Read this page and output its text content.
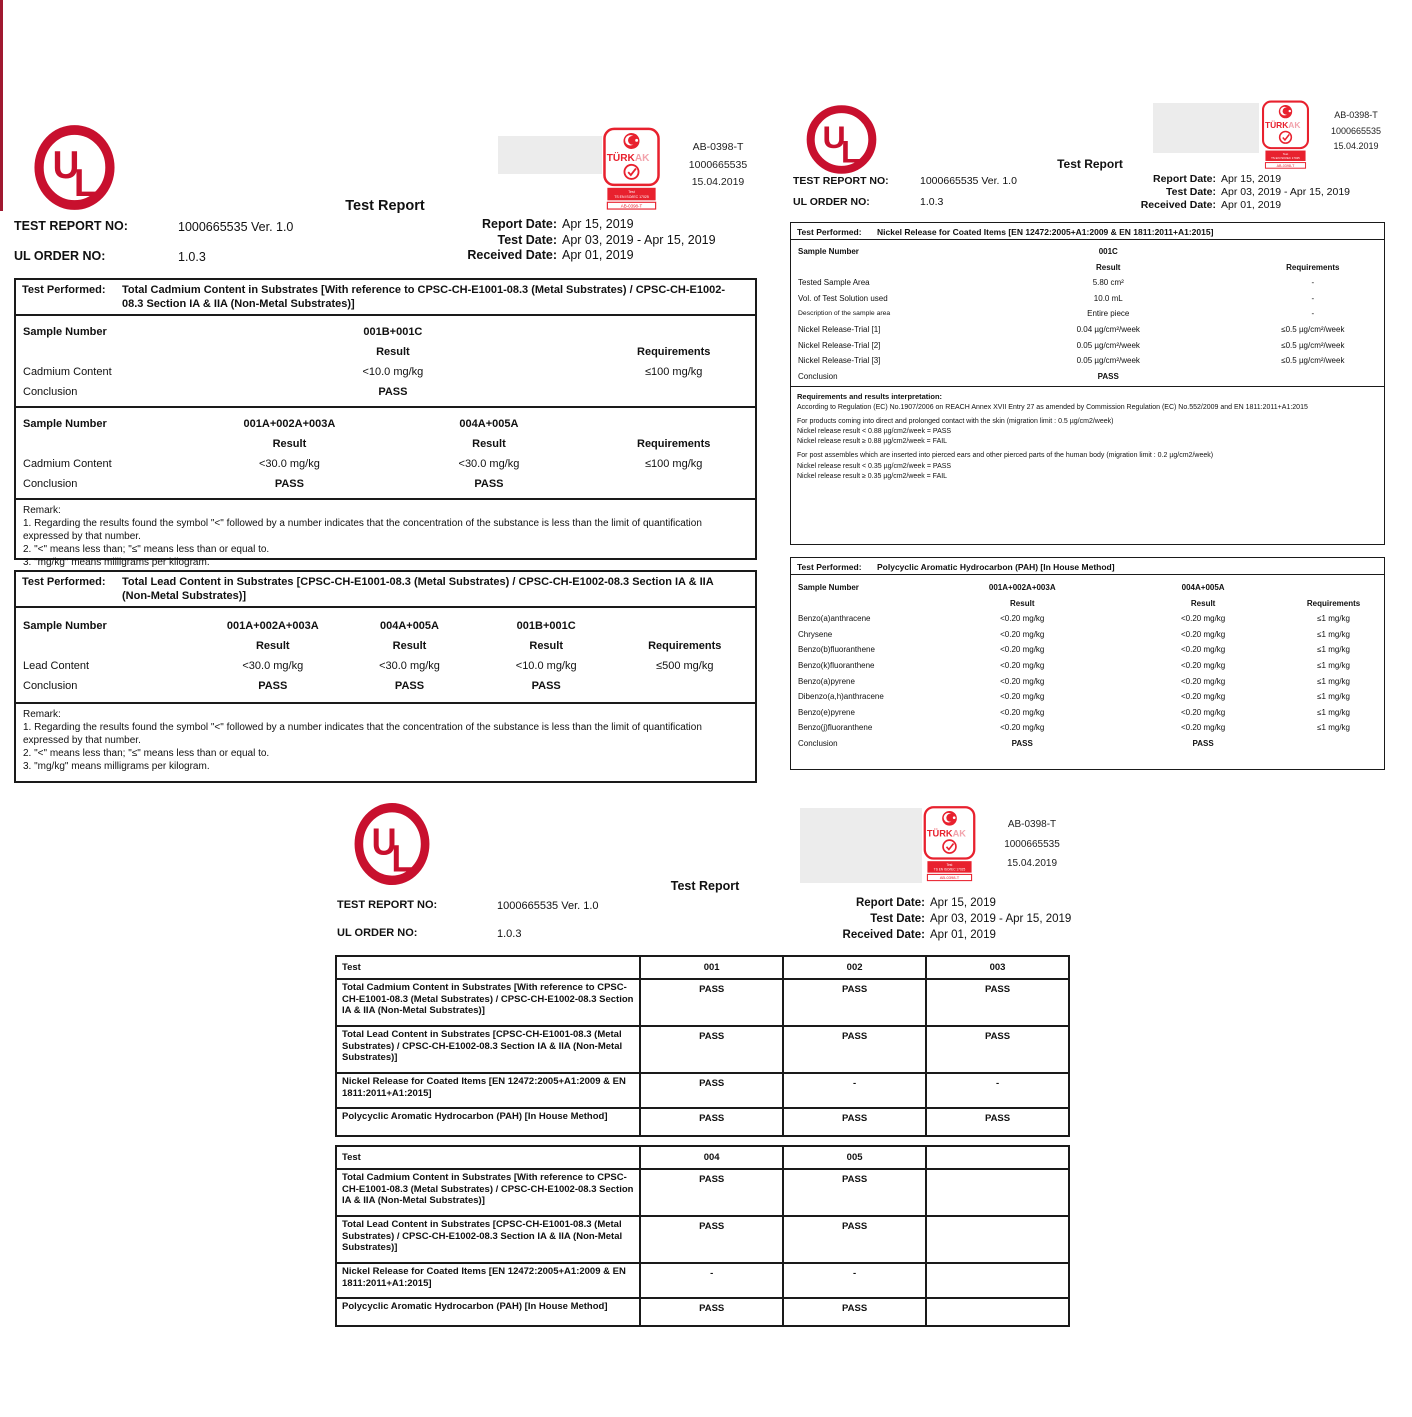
U
L
TÜRK AK
Test
TS EN ISO/IEC 17025
AB-0398-T
AB-0398-T
1000665535
15.04.2019
Test Report
TEST REPORT NO:	1000665535 Ver. 1.0
UL ORDER NO:	1.0.3
Report Date: Apr 15, 2019
Test Date: Apr 03, 2019 - Apr 15, 2019
Received Date: Apr 01, 2019
Test Performed:	Total Cadmium Content in Substrates [With reference to CPSC-CH-E1001-08.3 (Metal Substrates) / CPSC-CH-E1002-08.3 Section IA & IIA (Non-Metal Substrates)]
Sample Number	001B+001C
Result	Requirements
Cadmium Content	<10.0 mg/kg	≤100 mg/kg
Conclusion	PASS
Sample Number	001A+002A+003A	004A+005A
Result	Result	Requirements
Cadmium Content	<30.0 mg/kg	<30.0 mg/kg	≤100 mg/kg
Conclusion	PASS	PASS
Remark:
1. Regarding the results found the symbol "<" followed by a number indicates that the concentration of the substance is less than the limit of quantification expressed by that number.
2. "<" means less than; "≤" means less than or equal to.
3. "mg/kg" means milligrams per kilogram.
Test Performed:	Total Lead Content in Substrates [CPSC-CH-E1001-08.3 (Metal Substrates) / CPSC-CH-E1002-08.3 Section IA & IIA (Non-Metal Substrates)]
Sample Number	001A+002A+003A	004A+005A	001B+001C
Result	Result	Result	Requirements
Lead Content	<30.0 mg/kg	<30.0 mg/kg	<10.0 mg/kg	≤500 mg/kg
Conclusion	PASS	PASS	PASS
Remark:
1. Regarding the results found the symbol "<" followed by a number indicates that the concentration of the substance is less than the limit of quantification expressed by that number.
2. "<" means less than; "≤" means less than or equal to.
3. "mg/kg" means milligrams per kilogram.
U
L
TÜRK AK
Test
TS EN ISO/IEC 17025
AB-0398-T
AB-0398-T
1000665535
15.04.2019
Test Report
TEST REPORT NO:	1000665535 Ver. 1.0
UL ORDER NO:	1.0.3
Report Date: Apr 15, 2019
Test Date: Apr 03, 2019 - Apr 15, 2019
Received Date: Apr 01, 2019
Test Performed:	Nickel Release for Coated Items [EN 12472:2005+A1:2009 & EN 1811:2011+A1:2015]
Sample Number	001C
Result	Requirements
Tested Sample Area	5.80 cm²	-
Vol. of Test Solution used	10.0 mL	-
Description of the sample area	Entire piece	-
Nickel Release-Trial [1]	0.04 µg/cm²/week	≤0.5 µg/cm²/week
Nickel Release-Trial [2]	0.05 µg/cm²/week	≤0.5 µg/cm²/week
Nickel Release-Trial [3]	0.05 µg/cm²/week	≤0.5 µg/cm²/week
Conclusion	PASS
Requirements and results interpretation:
According to Regulation (EC) No.1907/2006 on REACH Annex XVII Entry 27 as amended by Commission Regulation (EC) No.552/2009 and EN 1811:2011+A1:2015
For products coming into direct and prolonged contact with the skin (migration limit : 0.5 µg/cm2/week)
Nickel release result < 0.88 µg/cm2/week = PASS
Nickel release result ≥ 0.88 µg/cm2/week = FAIL
For post assembles which are inserted into pierced ears and other pierced parts of the human body (migration limit : 0.2 µg/cm2/week)
Nickel release result < 0.35 µg/cm2/week = PASS
Nickel release result ≥ 0.35 µg/cm2/week = FAIL
Test Performed:	Polycyclic Aromatic Hydrocarbon (PAH) [In House Method]
Sample Number	001A+002A+003A	004A+005A
Result	Result	Requirements
Benzo(a)anthracene	<0.20 mg/kg	<0.20 mg/kg	≤1 mg/kg
Chrysene	<0.20 mg/kg	<0.20 mg/kg	≤1 mg/kg
Benzo(b)fluoranthene	<0.20 mg/kg	<0.20 mg/kg	≤1 mg/kg
Benzo(k)fluoranthene	<0.20 mg/kg	<0.20 mg/kg	≤1 mg/kg
Benzo(a)pyrene	<0.20 mg/kg	<0.20 mg/kg	≤1 mg/kg
Dibenzo(a,h)anthracene	<0.20 mg/kg	<0.20 mg/kg	≤1 mg/kg
Benzo(e)pyrene	<0.20 mg/kg	<0.20 mg/kg	≤1 mg/kg
Benzo(j)fluoranthene	<0.20 mg/kg	<0.20 mg/kg	≤1 mg/kg
Conclusion	PASS	PASS
U
L
TÜRK AK
Test
TS EN ISO/IEC 17025
AB-0398-T
AB-0398-T
1000665535
15.04.2019
Test Report
TEST REPORT NO:	1000665535 Ver. 1.0
UL ORDER NO:	1.0.3
Report Date: Apr 15, 2019
Test Date: Apr 03, 2019 - Apr 15, 2019
Received Date: Apr 01, 2019
Test	001	002	003
Total Cadmium Content in Substrates [With reference to CPSC-CH-E1001-08.3 (Metal Substrates) / CPSC-CH-E1002-08.3 Section IA & IIA (Non-Metal Substrates)]	PASS	PASS	PASS
Total Lead Content in Substrates [CPSC-CH-E1001-08.3 (Metal Substrates) / CPSC-CH-E1002-08.3 Section IA & IIA (Non-Metal Substrates)]	PASS	PASS	PASS
Nickel Release for Coated Items [EN 12472:2005+A1:2009 & EN 1811:2011+A1:2015]	PASS	-	-
Polycyclic Aromatic Hydrocarbon (PAH) [In House Method]	PASS	PASS	PASS
Test	004	005	
Total Cadmium Content in Substrates [With reference to CPSC-CH-E1001-08.3 (Metal Substrates) / CPSC-CH-E1002-08.3 Section IA & IIA (Non-Metal Substrates)]	PASS	PASS	
Total Lead Content in Substrates [CPSC-CH-E1001-08.3 (Metal Substrates) / CPSC-CH-E1002-08.3 Section IA & IIA (Non-Metal Substrates)]	PASS	PASS	
Nickel Release for Coated Items [EN 12472:2005+A1:2009 & EN 1811:2011+A1:2015]	-	-	
Polycyclic Aromatic Hydrocarbon (PAH) [In House Method]	PASS	PASS	
